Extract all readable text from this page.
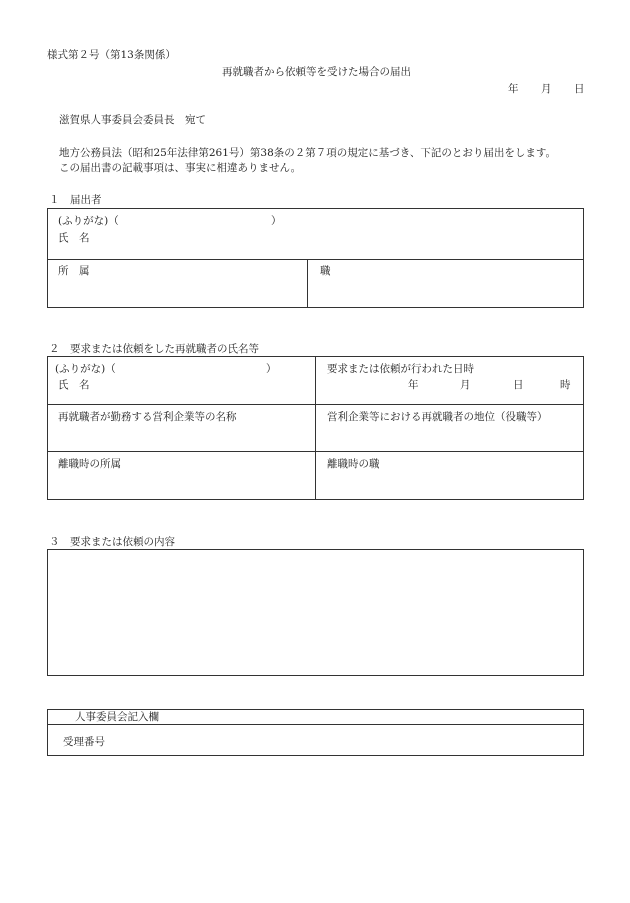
様式第２号（第13条関係）
再就職者から依頼等を受けた場合の届出
年 月 日
滋賀県人事委員会委員長　宛て
地方公務員法（昭和25年法律第261号）第38条の２第７項の規定に基づき、下記のとおり届出をします。
この届出書の記載事項は、事実に相違ありません。
１　届出者
(ふりがな)（	）
氏　名
所　属	職
２　要求または依頼をした再就職者の氏名等
(ふりがな)（	）
氏　名
要求または依頼が行われた日時
年	月	日	時
再就職者が勤務する営利企業等の名称	営利企業等における再就職者の地位（役職等）
離職時の所属	離職時の職
３　要求または依頼の内容
人事委員会記入欄
受理番号
